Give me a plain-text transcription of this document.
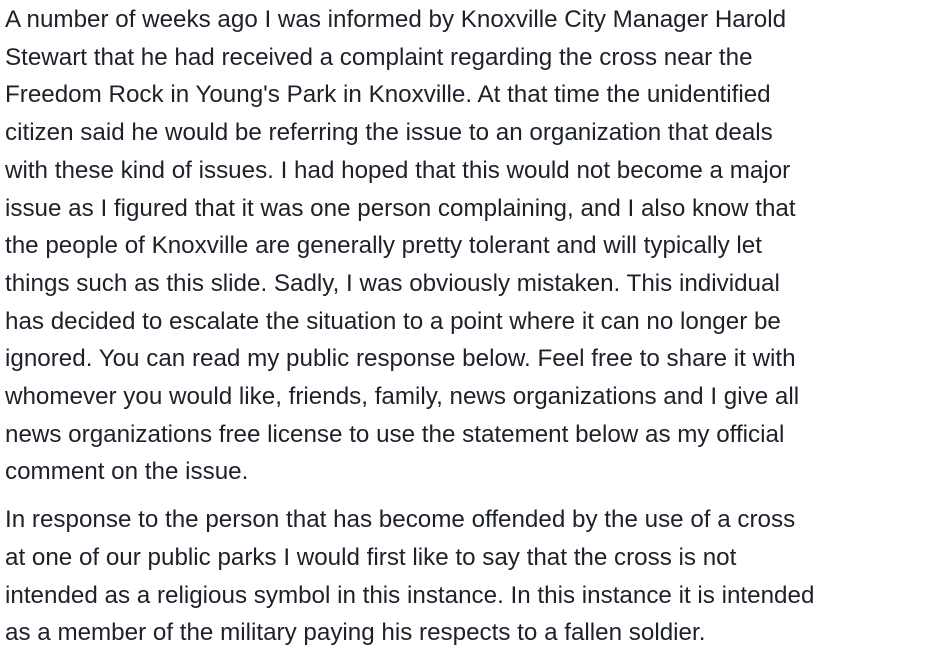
A number of weeks ago I was informed by Knoxville City Manager Harold
Stewart that he had received a complaint regarding the cross near the
Freedom Rock in Young's Park in Knoxville. At that time the unidentified
citizen said he would be referring the issue to an organization that deals
with these kind of issues. I had hoped that this would not become a major
issue as I figured that it was one person complaining, and I also know that
the people of Knoxville are generally pretty tolerant and will typically let
things such as this slide. Sadly, I was obviously mistaken. This individual
has decided to escalate the situation to a point where it can no longer be
ignored. You can read my public response below. Feel free to share it with
whomever you would like, friends, family, news organizations and I give all
news organizations free license to use the statement below as my official
comment on the issue.

In response to the person that has become offended by the use of a cross
at one of our public parks I would first like to say that the cross is not
intended as a religious symbol in this instance. In this instance it is intended
as a member of the military paying his respects to a fallen soldier.
